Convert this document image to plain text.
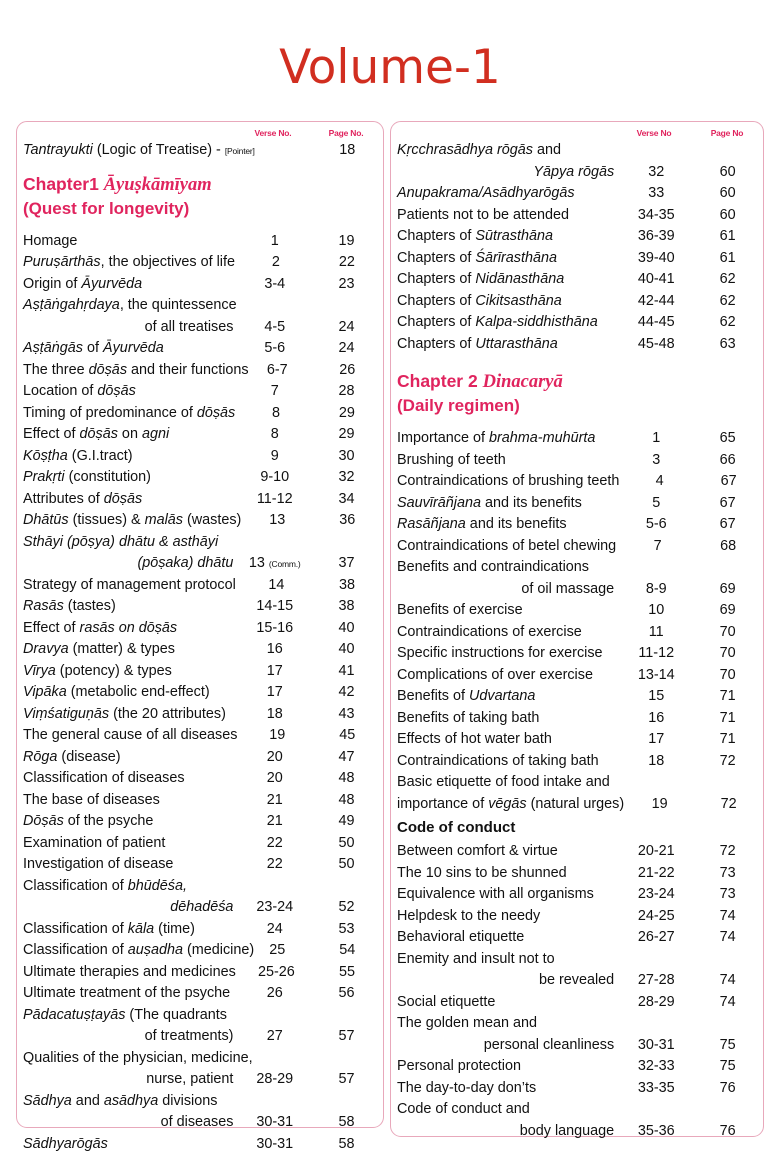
Volume-1
Verse No.	Page No.
Tantrayukti (Logic of Treatise) - [Pointer]	18
Chapter1 Āyuṣkāmīyam
(Quest for longevity)
Homage	1	19
Puruṣārthās, the objectives of life	2	22
Origin of Āyurvēda	3-4	23
Aṣṭāṅgahṛdaya, the quintessence
of all treatises	4-5	24
Aṣṭāṅgās of Āyurvēda	5-6	24
The three dōṣās and their functions	6-7	26
Location of dōṣās	7	28
Timing of predominance of dōṣās	8	29
Effect of dōṣās on agni	8	29
Kōṣṭha (G.I.tract)	9	30
Prakṛti (constitution)	9-10	32
Attributes of dōṣās	11-12	34
Dhātūs (tissues) & malās (wastes)	13	36
Sthāyi (pōṣya) dhātu & asthāyi
(pōṣaka) dhātu	13 (Comm.)	37
Strategy of management protocol	14	38
Rasās (tastes)	14-15	38
Effect of rasās on dōṣās	15-16	40
Dravya (matter) & types	16	40
Vīrya (potency) & types	17	41
Vipāka (metabolic end-effect)	17	42
Viṃśatiguṇās (the 20 attributes)	18	43
The general cause of all diseases	19	45
Rōga (disease)	20	47
Classification of diseases	20	48
The base of diseases	21	48
Dōṣās of the psyche	21	49
Examination of patient	22	50
Investigation of disease	22	50
Classification of bhūdēśa,
dēhadēśa	23-24	52
Classification of kāla (time)	24	53
Classification of auṣadha (medicine)	25	54
Ultimate therapies and medicines	25-26	55
Ultimate treatment of the psyche	26	56
Pādacatuṣṭayās (The quadrants
of treatments)	27	57
Qualities of the physician, medicine,
nurse, patient	28-29	57
Sādhya and asādhya divisions
of diseases	30-31	58
Sādhyarōgās	30-31	58
Verse No	Page No
Kṛcchrasādhya rōgās and
Yāpya rōgās	32	60
Anupakrama/Asādhyarōgās	33	60
Patients not to be attended	34-35	60
Chapters of Sūtrasthāna	36-39	61
Chapters of Śārīrasthāna	39-40	61
Chapters of Nidānasthāna	40-41	62
Chapters of Cikitsasthāna	42-44	62
Chapters of Kalpa-siddhisthāna	44-45	62
Chapters of Uttarasthāna	45-48	63
Chapter 2 Dinacaryā
(Daily regimen)
Importance of brahma-muhūrta	1	65
Brushing of teeth	3	66
Contraindications of brushing teeth	4	67
Sauvīrāñjana and its benefits	5	67
Rasāñjana and its benefits	5-6	67
Contraindications of betel chewing	7	68
Benefits and contraindications
of oil massage	8-9	69
Benefits of exercise	10	69
Contraindications of exercise	11	70
Specific instructions for exercise	11-12	70
Complications of over exercise	13-14	70
Benefits of Udvartana	15	71
Benefits of taking bath	16	71
Effects of hot water bath	17	71
Contraindications of taking bath	18	72
Basic etiquette of food intake and
importance of vēgās (natural urges)	19	72
Code of conduct
Between comfort & virtue	20-21	72
The 10 sins to be shunned	21-22	73
Equivalence with all organisms	23-24	73
Helpdesk to the needy	24-25	74
Behavioral etiquette	26-27	74
Enemity and insult not to
be revealed	27-28	74
Social etiquette	28-29	74
The golden mean and
personal cleanliness	30-31	75
Personal protection	32-33	75
The day-to-day don’ts	33-35	76
Code of conduct and
body language	35-36	76
